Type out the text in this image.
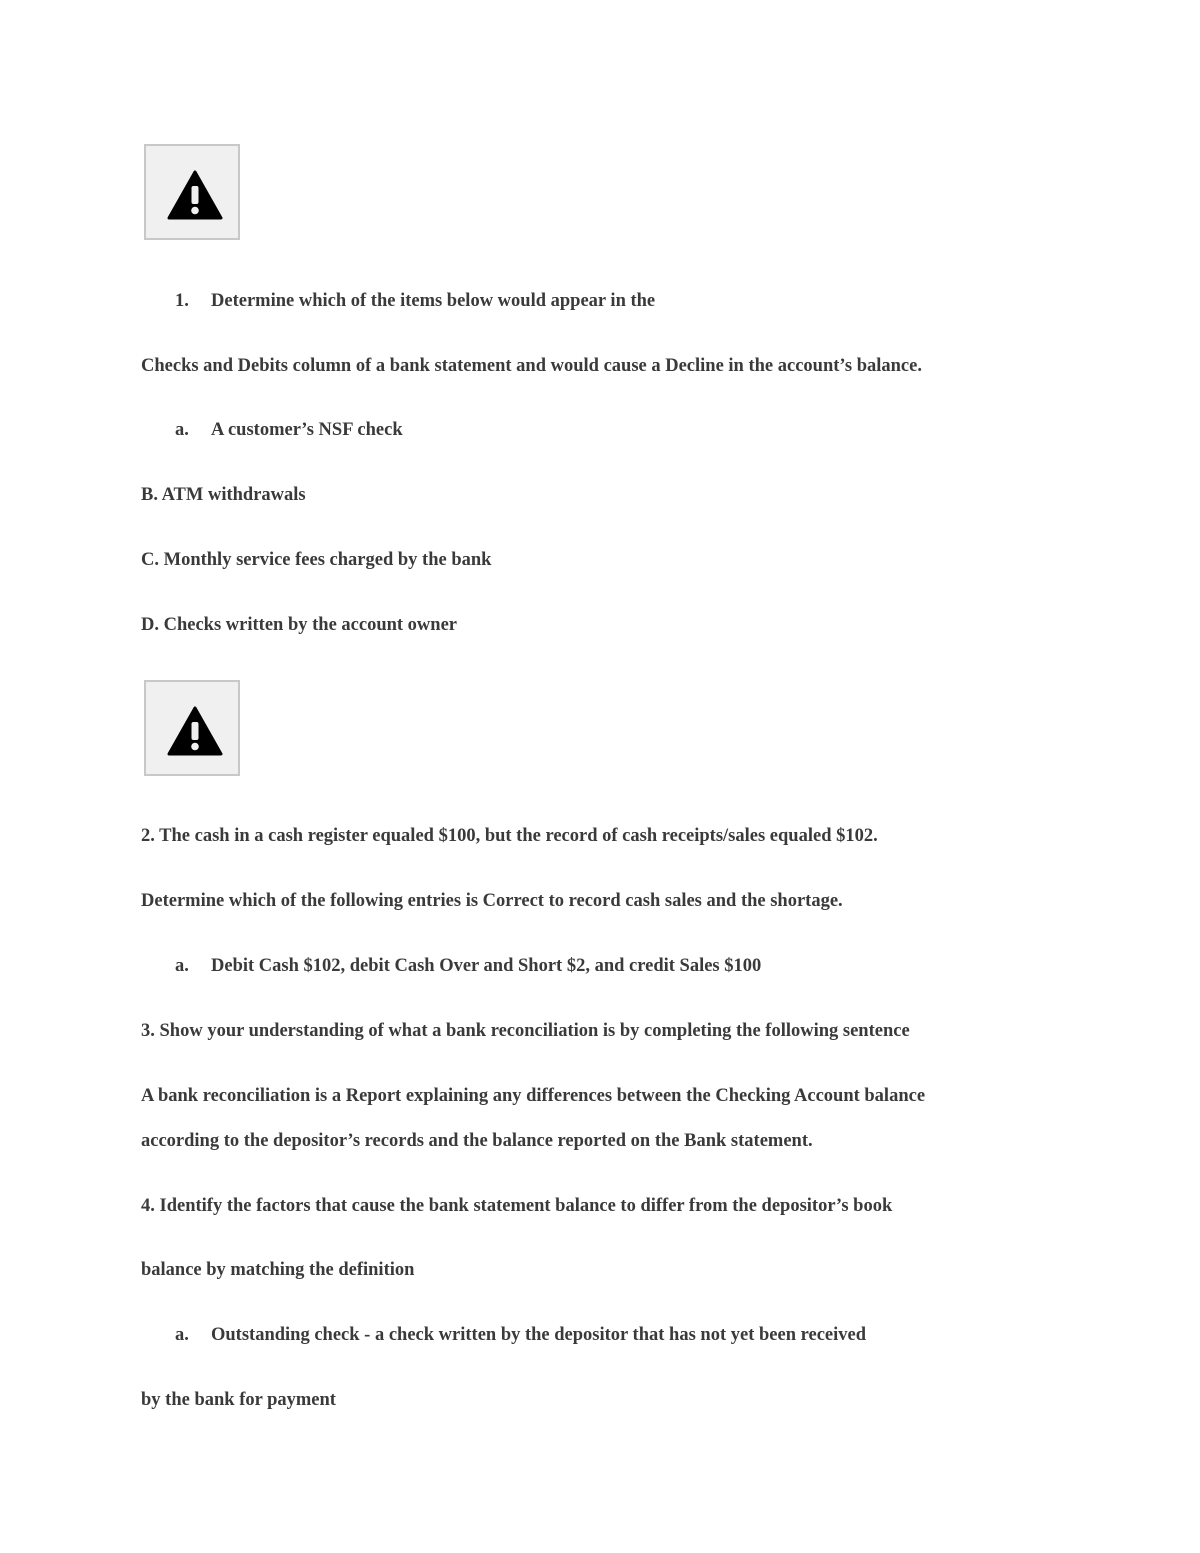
1. Determine which of the items below would appear in the
Checks and Debits column of a bank statement and would cause a Decline in the account’s balance.
a. A customer’s NSF check
B. ATM withdrawals
C. Monthly service fees charged by the bank
D. Checks written by the account owner
2. The cash in a cash register equaled $100, but the record of cash receipts/sales equaled $102.
Determine which of the following entries is Correct to record cash sales and the shortage.
a. Debit Cash $102, debit Cash Over and Short $2, and credit Sales $100
3. Show your understanding of what a bank reconciliation is by completing the following sentence
A bank reconciliation is a Report explaining any differences between the Checking Account balance
according to the depositor’s records and the balance reported on the Bank statement.
4. Identify the factors that cause the bank statement balance to differ from the depositor’s book
balance by matching the definition
a. Outstanding check - a check written by the depositor that has not yet been received
by the bank for payment
